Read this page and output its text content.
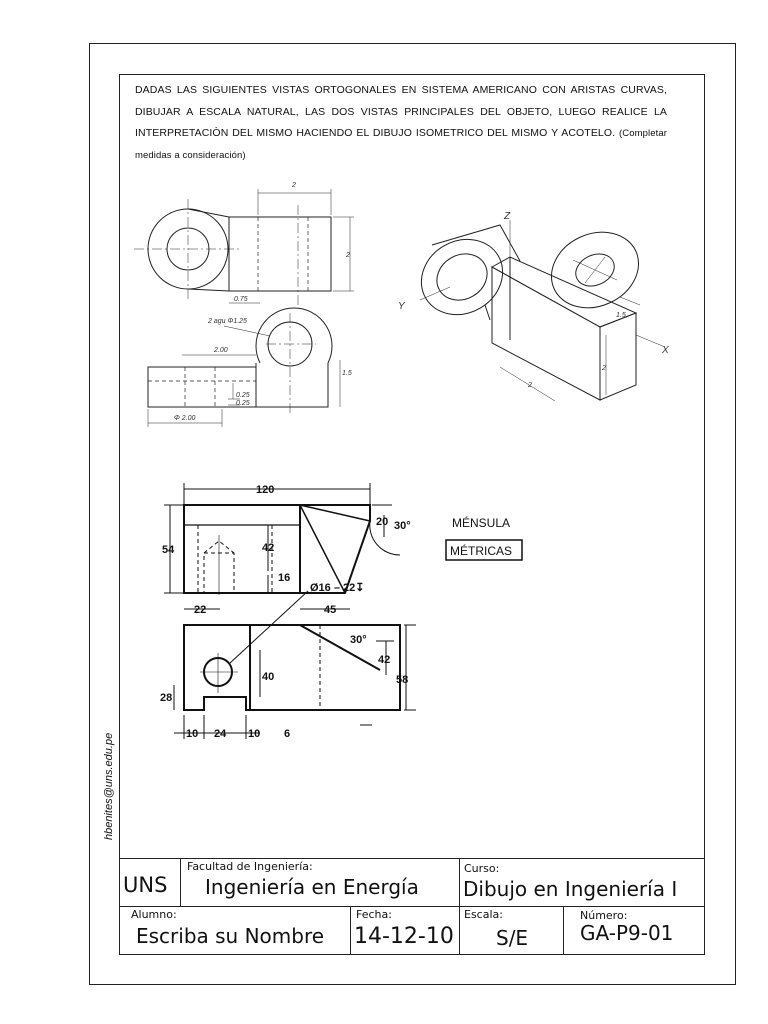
DADAS LAS SIGUIENTES VISTAS ORTOGONALES EN SISTEMA AMERICANO CON ARISTAS CURVAS, DIBUJAR A ESCALA NATURAL, LAS DOS VISTAS PRINCIPALES DEL OBJETO, LUEGO REALICE LA INTERPRETACIÒN DEL MISMO HACIENDO EL DIBUJO ISOMETRICO DEL MISMO Y ACOTELO. (Completar medidas a consideración)
hbenites@uns.edu.pe
2
2
0.75
2 agu Φ1.25
2.00
1.5
0.25
0.25
Φ 2.00
Z
Y
X
1.5
2
2
120
54	42
20 30°
16
Ø16 – 22↧
22	45
30°
42
58
40
28
10 24 10 6
MÉNSULA
MÉTRICAS
UNS
Facultad de Ingeniería:
Ingeniería en Energía
Curso:
Dibujo en Ingeniería I
Alumno:
Escriba su Nombre
Fecha:
14-12-10
Escala:
S/E
Número:
GA-P9-01
